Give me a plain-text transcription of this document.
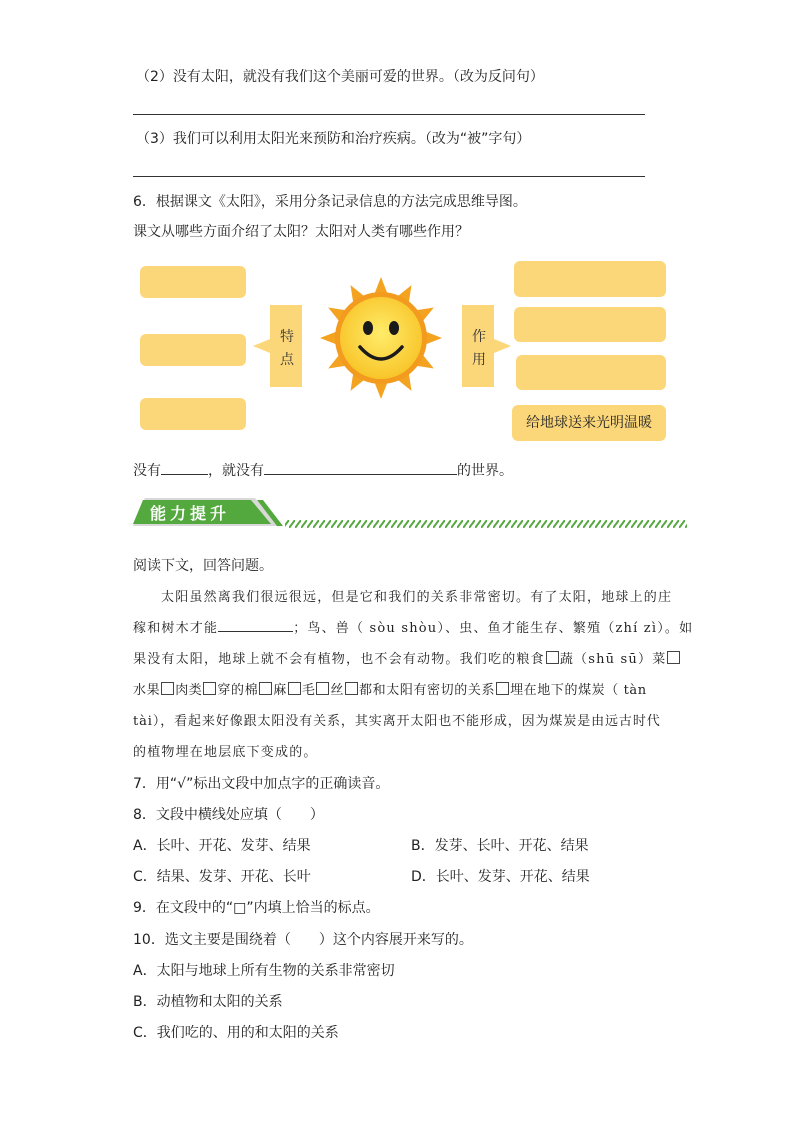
（2）没有太阳，就没有我们这个美丽可爱的世界。（改为反问句）
（3）我们可以利用太阳光来预防和治疗疾病。（改为“被”字句）
6．根据课文《太阳》，采用分条记录信息的方法完成思维导图。
课文从哪些方面介绍了太阳？太阳对人类有哪些作用？
特点
作用
给地球送来光明温暖
没有	，就没有	的世界。
能力提升
阅读下文，回答问题。
太阳虽然离我们很远很远，但是它和我们的关系非常密切。有了太阳，地球上的庄
稼和树木才能	；鸟、兽（ sòu shòu）、虫、鱼才能生存、繁殖（zhí zì）。如
果没有太阳，地球上就不会有植物，也不会有动物。我们吃的粮食 蔬（shū sū）菜
水果 肉类 穿的棉 麻 毛 丝 都和太阳有密切的关系 埋在地下的煤炭（ tàn
tài），看起来好像跟太阳没有关系，其实离开太阳也不能形成，因为煤炭是由远古时代
的植物埋在地层底下变成的。
7．用“√”标出文段中加点字的正确读音。
8．文段中横线处应填（　　）
A．长叶、开花、发芽、结果	B．发芽、长叶、开花、结果
C．结果、发芽、开花、长叶	D．长叶、发芽、开花、结果
9．在文段中的“□”内填上恰当的标点。
10．选文主要是围绕着（　　）这个内容展开来写的。
A．太阳与地球上所有生物的关系非常密切
B．动植物和太阳的关系
C．我们吃的、用的和太阳的关系
